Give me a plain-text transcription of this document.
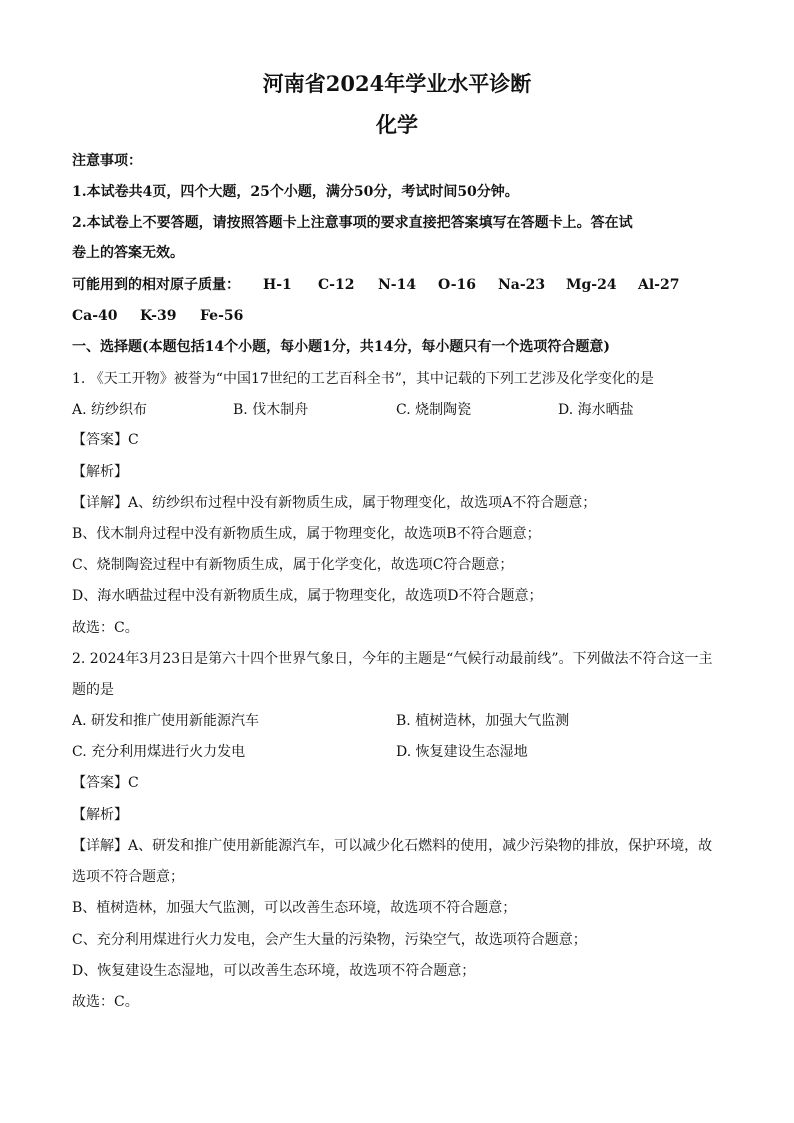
河南省2024年学业水平诊断
化学
注意事项：
1.本试卷共4页，四个大题，25个小题，满分50分，考试时间50分钟。
2.本试卷上不要答题，请按照答题卡上注意事项的要求直接把答案填写在答题卡上。答在试
卷上的答案无效。
可能用到的相对原子质量： H-1 C-12 N-14 O-16 Na-23 Mg-24 Al-27
Ca-40 K-39 Fe-56
一、选择题(本题包括14个小题，每小题1分，共14分，每小题只有一个选项符合题意)
1. 《天工开物》被誉为“中国17世纪的工艺百科全书”，其中记载的下列工艺涉及化学变化的是
A. 纺纱织布	B. 伐木制舟	C. 烧制陶瓷	D. 海水晒盐
【答案】C
【解析】
【详解】A、纺纱织布过程中没有新物质生成，属于物理变化，故选项A不符合题意；
B、伐木制舟过程中没有新物质生成，属于物理变化，故选项B不符合题意；
C、烧制陶瓷过程中有新物质生成，属于化学变化，故选项C符合题意；
D、海水晒盐过程中没有新物质生成，属于物理变化，故选项D不符合题意；
故选：C。
2. 2024年3月23日是第六十四个世界气象日，今年的主题是“气候行动最前线”。下列做法不符合这一主
题的是
A. 研发和推广使用新能源汽车	B. 植树造林，加强大气监测
C. 充分利用煤进行火力发电	D. 恢复建设生态湿地
【答案】C
【解析】
【详解】A、研发和推广使用新能源汽车，可以减少化石燃料的使用，减少污染物的排放，保护环境，故
选项不符合题意；
B、植树造林，加强大气监测，可以改善生态环境，故选项不符合题意；
C、充分利用煤进行火力发电，会产生大量的污染物，污染空气，故选项符合题意；
D、恢复建设生态湿地，可以改善生态环境，故选项不符合题意；
故选：C。
